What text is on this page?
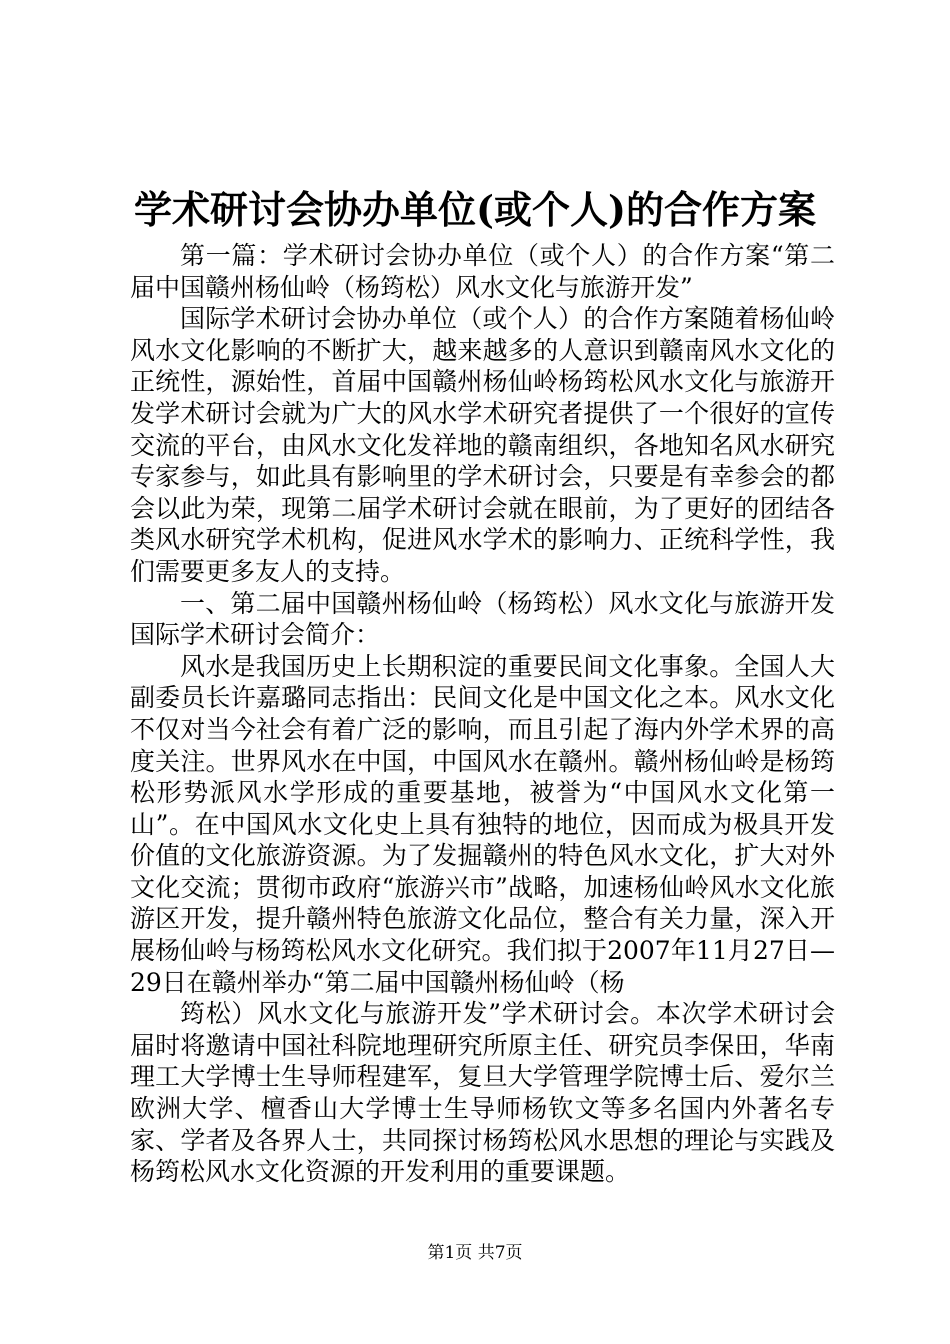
学术研讨会协办单位(或个人)的合作方案

第一篇：学术研讨会协办单位（或个人）的合作方案“第二届中国赣州杨仙岭（杨筠松）风水文化与旅游开发”

国际学术研讨会协办单位（或个人）的合作方案随着杨仙岭风水文化影响的不断扩大，越来越多的人意识到赣南风水文化的正统性，源始性，首届中国赣州杨仙岭杨筠松风水文化与旅游开发学术研讨会就为广大的风水学术研究者提供了一个很好的宣传交流的平台，由风水文化发祥地的赣南组织，各地知名风水研究专家参与，如此具有影响里的学术研讨会，只要是有幸参会的都会以此为荣，现第二届学术研讨会就在眼前，为了更好的团结各类风水研究学术机构，促进风水学术的影响力、正统科学性，我们需要更多友人的支持。

一、第二届中国赣州杨仙岭（杨筠松）风水文化与旅游开发国际学术研讨会简介：

风水是我国历史上长期积淀的重要民间文化事象。全国人大副委员长许嘉璐同志指出：民间文化是中国文化之本。风水文化不仅对当今社会有着广泛的影响，而且引起了海内外学术界的高度关注。世界风水在中国，中国风水在赣州。赣州杨仙岭是杨筠松形势派风水学形成的重要基地，被誉为“中国风水文化第一山”。在中国风水文化史上具有独特的地位，因而成为极具开发价值的文化旅游资源。为了发掘赣州的特色风水文化，扩大对外文化交流；贯彻市政府“旅游兴市”战略，加速杨仙岭风水文化旅游区开发，提升赣州特色旅游文化品位，整合有关力量，深入开展杨仙岭与杨筠松风水文化研究。我们拟于2007年11月27日—29日在赣州举办“第二届中国赣州杨仙岭（杨

筠松）风水文化与旅游开发”学术研讨会。本次学术研讨会届时将邀请中国社科院地理研究所原主任、研究员李保田，华南理工大学博士生导师程建军，复旦大学管理学院博士后、爱尔兰欧洲大学、檀香山大学博士生导师杨钦文等多名国内外著名专家、学者及各界人士，共同探讨杨筠松风水思想的理论与实践及杨筠松风水文化资源的开发利用的重要课题。

第1页 共7页
